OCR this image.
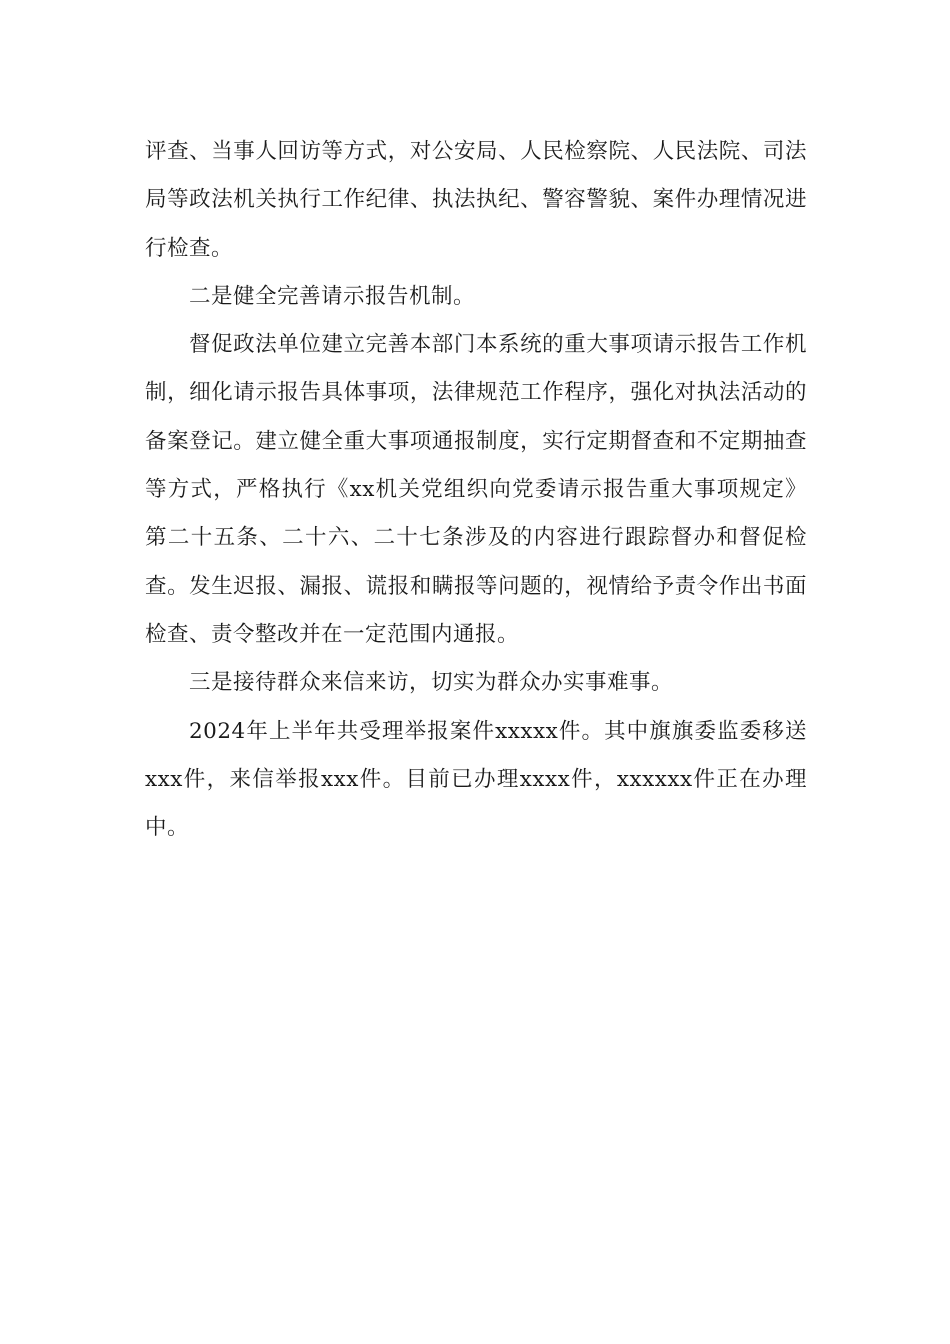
评查、当事人回访等方式，对公安局、人民检察院、人民法院、司法局等政法机关执行工作纪律、执法执纪、警容警貌、案件办理情况进行检查。

二是健全完善请示报告机制。

督促政法单位建立完善本部门本系统的重大事项请示报告工作机制，细化请示报告具体事项，法律规范工作程序，强化对执法活动的备案登记。建立健全重大事项通报制度，实行定期督查和不定期抽查等方式，严格执行《xx机关党组织向党委请示报告重大事项规定》第二十五条、二十六、二十七条涉及的内容进行跟踪督办和督促检查。发生迟报、漏报、谎报和瞒报等问题的，视情给予责令作出书面检查、责令整改并在一定范围内通报。

三是接待群众来信来访，切实为群众办实事难事。

2024年上半年共受理举报案件xxxxx件。其中旗旗委监委移送xxx件，来信举报xxx件。目前已办理xxxx件，xxxxxx件正在办理中。
